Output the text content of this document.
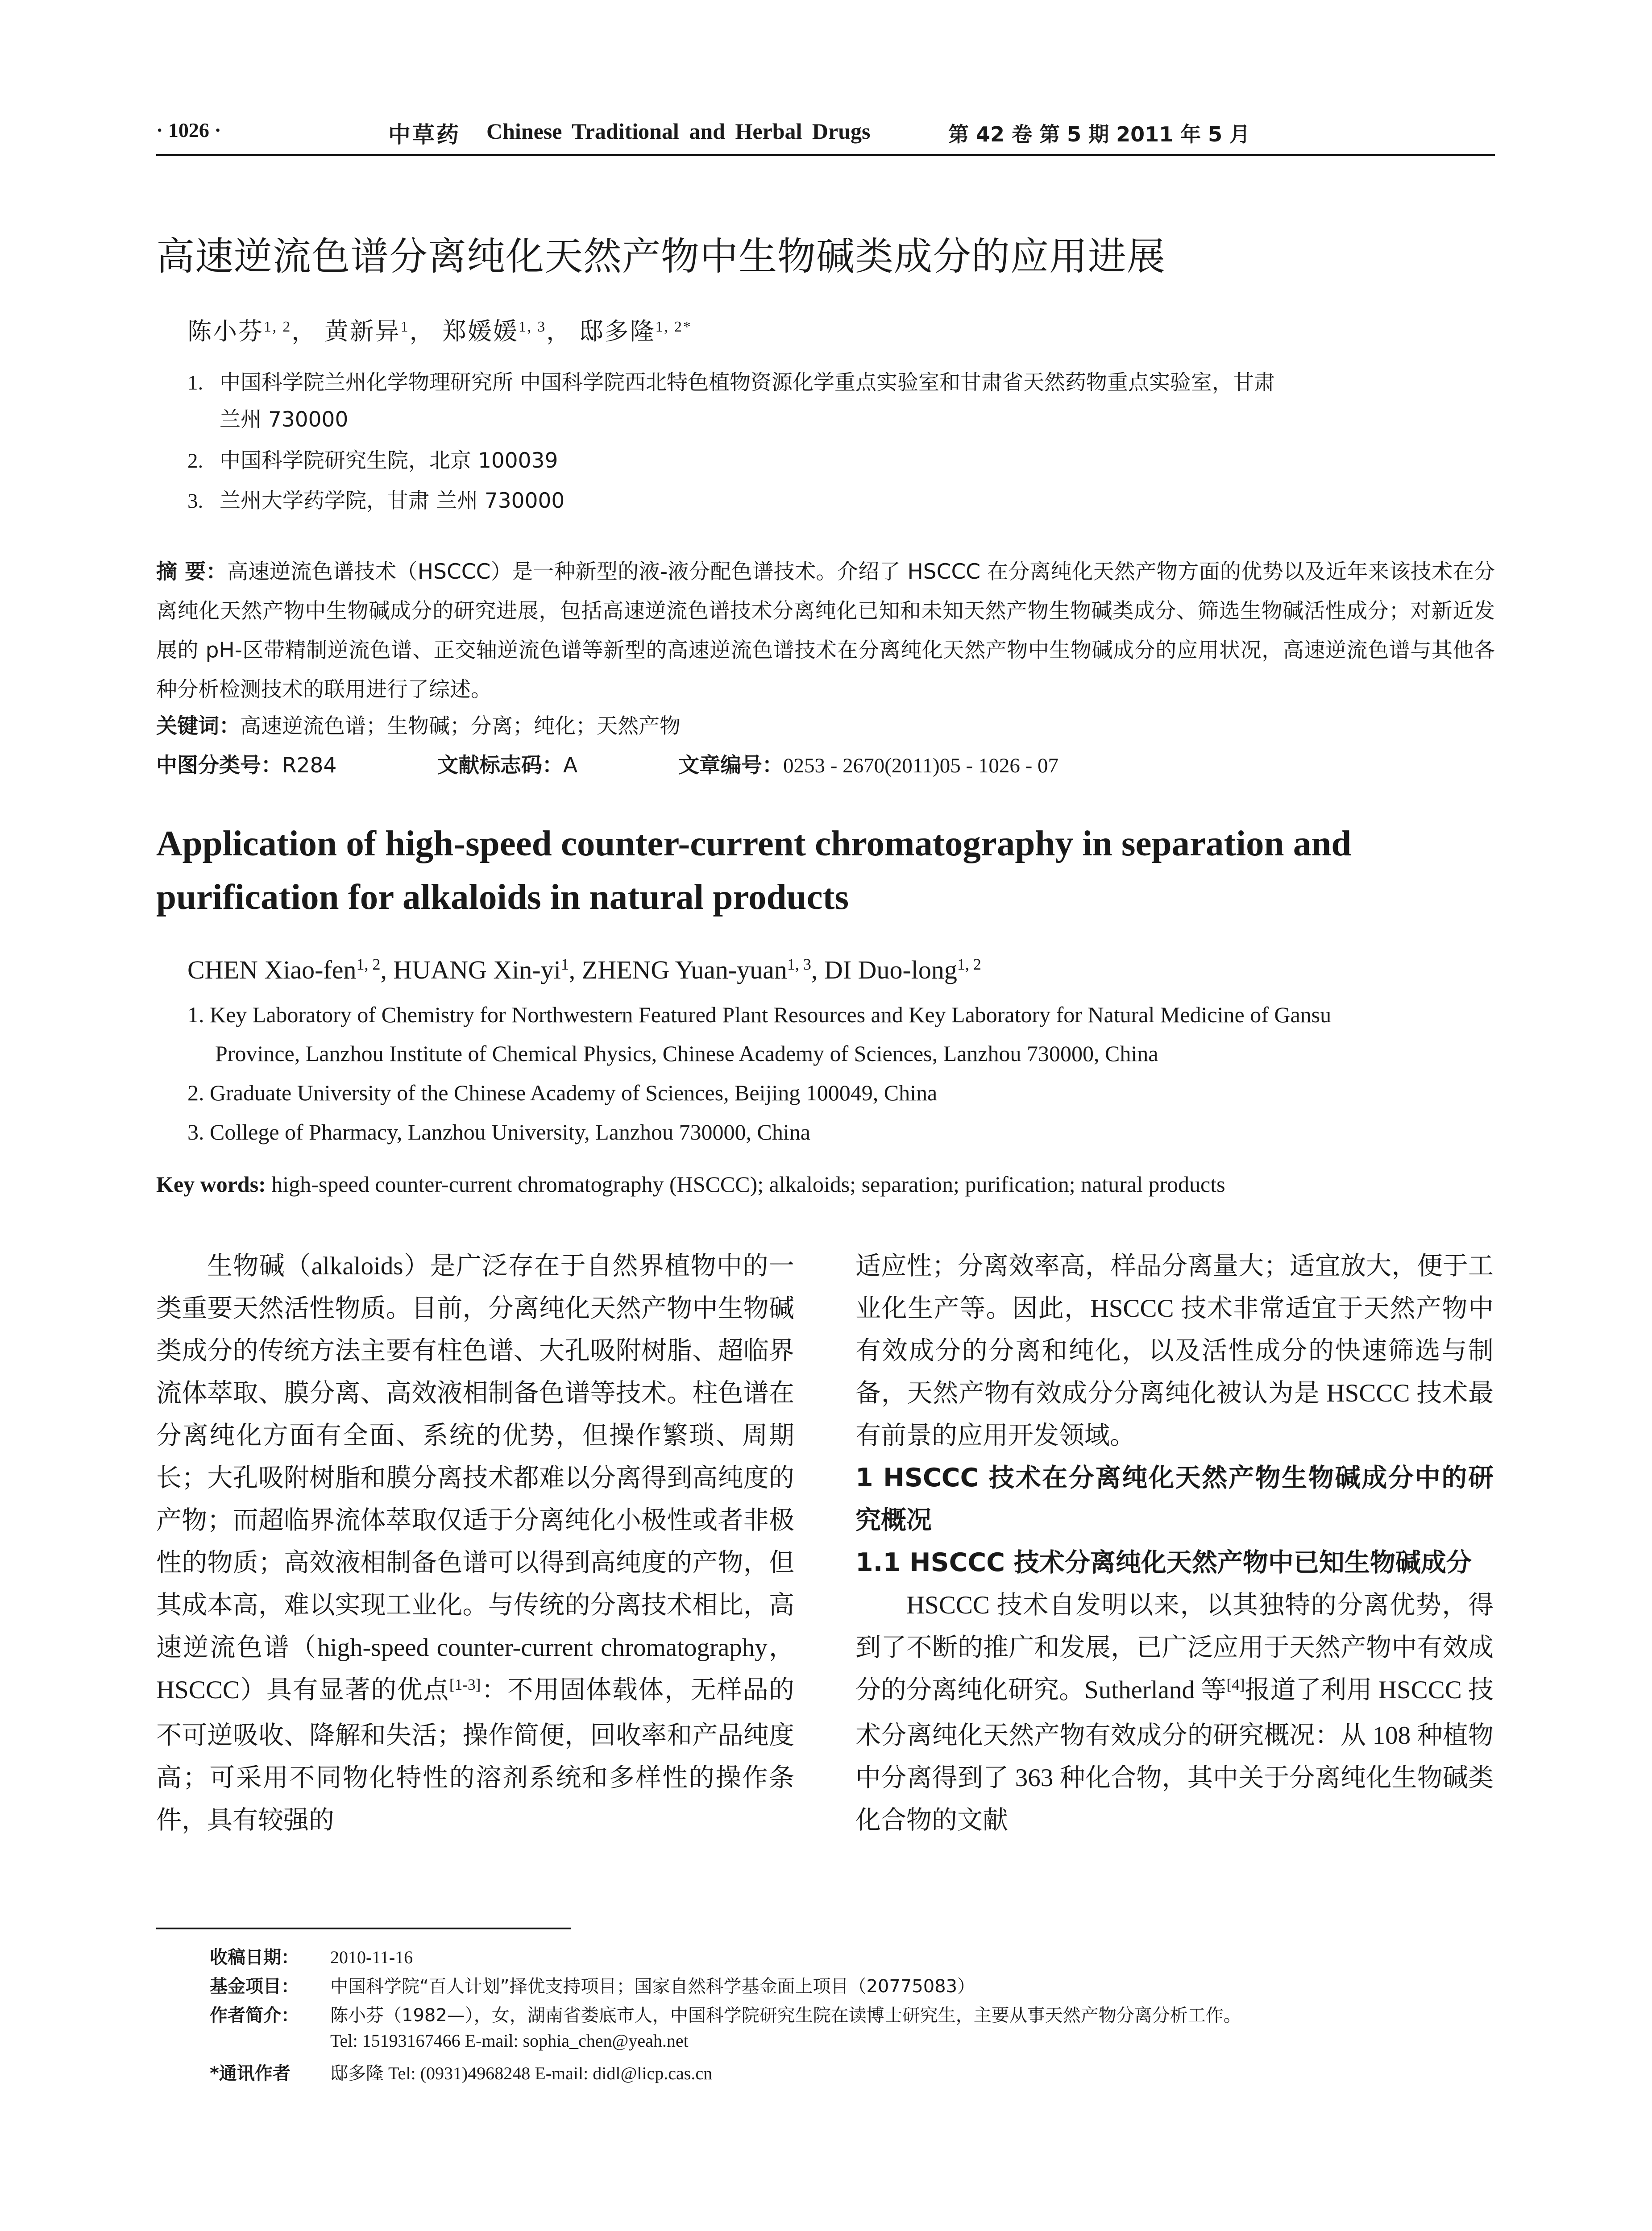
· 1026 ·	中草药 Chinese Traditional and Herbal Drugs	第 42 卷 第 5 期 2011 年 5 月
高速逆流色谱分离纯化天然产物中生物碱类成分的应用进展
陈小芬$^{1, 2}$， 黄新异$^1$， 郑媛媛$^{1, 3}$， 邸多隆$^{1, 2*}$
1. 中国科学院兰州化学物理研究所 中国科学院西北特色植物资源化学重点实验室和甘肃省天然药物重点实验室，甘肃
兰州 730000
2. 中国科学院研究生院，北京 100039
3. 兰州大学药学院，甘肃 兰州 730000
摘 要：高速逆流色谱技术（HSCCC）是一种新型的液-液分配色谱技术。介绍了 HSCCC 在分离纯化天然产物方面的优势以及近年来该技术在分离纯化天然产物中生物碱成分的研究进展，包括高速逆流色谱技术分离纯化已知和未知天然产物生物碱类成分、筛选生物碱活性成分；对新近发展的 pH-区带精制逆流色谱、正交轴逆流色谱等新型的高速逆流色谱技术在分离纯化天然产物中生物碱成分的应用状况，高速逆流色谱与其他各种分析检测技术的联用进行了综述。
关键词：高速逆流色谱；生物碱；分离；纯化；天然产物
中图分类号：R284	文献标志码：A	文章编号：0253 - 2670(2011)05 - 1026 - 07
Application of high-speed counter-current chromatography in separation and purification for alkaloids in natural products
CHEN Xiao-fen$^{1, 2}$, HUANG Xin-$yi^1$, ZHENG Yuan-yuan$^{1, 3}$, DI Duo-long$^{1, 2}$
1. Key Laboratory of Chemistry for Northwestern Featured Plant Resources and Key Laboratory for Natural Medicine of Gansu
Province, Lanzhou Institute of Chemical Physics, Chinese Academy of Sciences, Lanzhou 730000, China
2. Graduate University of the Chinese Academy of Sciences, Beijing 100049, China
3. College of Pharmacy, Lanzhou University, Lanzhou 730000, China
Key words: high-speed counter-current chromatography (HSCCC); alkaloids; separation; purification; natural products

生物碱（alkaloids）是广泛存在于自然界植物中的一类重要天然活性物质。目前，分离纯化天然产物中生物碱类成分的传统方法主要有柱色谱、大孔吸附树脂、超临界流体萃取、膜分离、高效液相制备色谱等技术。柱色谱在分离纯化方面有全面、系统的优势，但操作繁琐、周期长；大孔吸附树脂和膜分离技术都难以分离得到高纯度的产物；而超临界流体萃取仅适于分离纯化小极性或者非极性的物质；高效液相制备色谱可以得到高纯度的产物，但其成本高，难以实现工业化。与传统的分离技术相比，高速逆流色谱（high-speed counter-current chromatography，HSCCC）具有显著的优点[1-3]：不用固体载体，无样品的不可逆吸收、降解和失活；操作简便，回收率和产品纯度高；可采用不同物化特性的溶剂系统和多样性的操作条件，具有较强的

适应性；分离效率高，样品分离量大；适宜放大，便于工业化生产等。因此，HSCCC 技术非常适宜于天然产物中有效成分的分离和纯化，以及活性成分的快速筛选与制备，天然产物有效成分分离纯化被认为是 HSCCC 技术最有前景的应用开发领域。

1 HSCCC 技术在分离纯化天然产物生物碱成分中的研究概况
1.1 HSCCC 技术分离纯化天然产物中已知生物碱成分

HSCCC 技术自发明以来，以其独特的分离优势，得到了不断的推广和发展，已广泛应用于天然产物中有效成分的分离纯化研究。Sutherland 等[4]报道了利用 HSCCC 技术分离纯化天然产物有效成分的研究概况：从 108 种植物中分离得到了 363 种化合物，其中关于分离纯化生物碱类化合物的文献

收稿日期： 2010-11-16
基金项目： 中国科学院“百人计划”择优支持项目；国家自然科学基金面上项目（20775083）
作者简介： 陈小芬（1982—），女，湖南省娄底市人，中国科学院研究生院在读博士研究生，主要从事天然产物分离分析工作。
Tel: 15193167466 E-mail: sophia_chen@yeah.net
*通讯作者 邸多隆 Tel: (0931)4968248 E-mail: didl@licp.cas.cn
